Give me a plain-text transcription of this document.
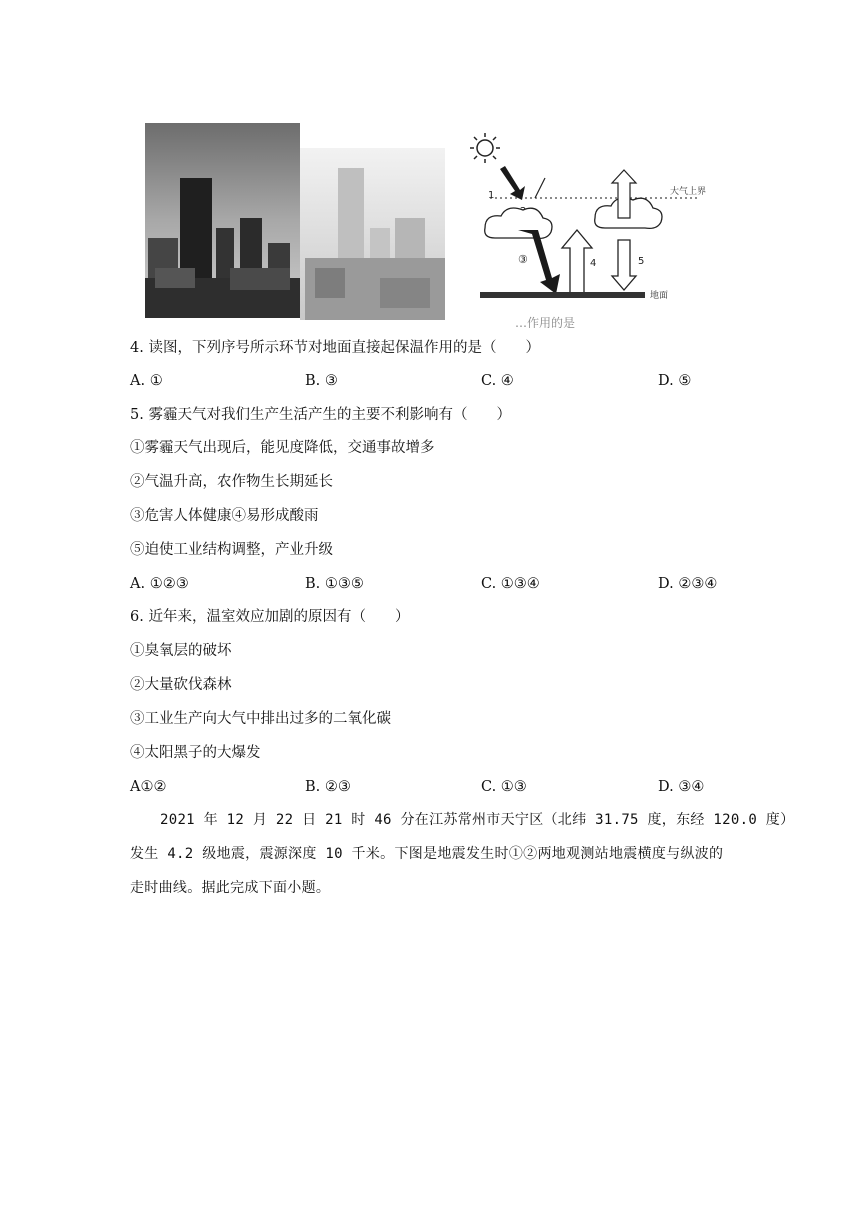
大气上界
1
③	4	5
地面
…作用的是
4. 读图，下列序号所示环节对地面直接起保温作用的是（　　）
A. ①	B. ③	C. ④	D. ⑤
5. 雾霾天气对我们生产生活产生的主要不利影响有（　　）
①雾霾天气出现后，能见度降低，交通事故增多
②气温升高，农作物生长期延长
③危害人体健康④易形成酸雨
⑤迫使工业结构调整，产业升级
A. ①②③	B. ①③⑤	C. ①③④	D. ②③④
6. 近年来，温室效应加剧的原因有（　　）
①臭氧层的破坏
②大量砍伐森林
③工业生产向大气中排出过多的二氧化碳
④太阳黑子的大爆发
A①②	B. ②③	C. ①③	D. ③④
2021 年 12 月 22 日 21 时 46 分在江苏常州市天宁区（北纬 31.75 度，东经 120.0 度）
发生 4.2 级地震，震源深度 10 千米。下图是地震发生时①②两地观测站地震横度与纵波的
走时曲线。据此完成下面小题。
